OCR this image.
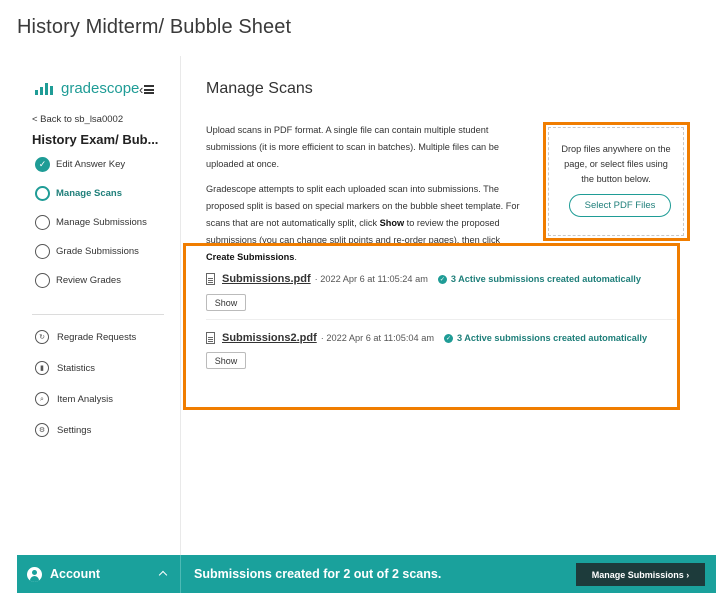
History Midterm/ Bubble Sheet
gradescope ‹
< Back to sb_lsa0002
History Exam/ Bub...
✓	Edit Answer Key
Manage Scans
Manage Submissions
Grade Submissions
Review Grades
↻	Regrade Requests
▮	Statistics
⌕	Item Analysis
⚙	Settings
Manage Scans
Upload scans in PDF format. A single file can contain multiple student submissions (it is more efficient to scan in batches). Multiple files can be uploaded at once.
Gradescope attempts to split each uploaded scan into submissions. The proposed split is based on special markers on the bubble sheet template. For scans that are not automatically split, click Show to review the proposed submissions (you can change split points and re-order pages), then click Create Submissions.
Drop files anywhere on the page, or select files using the button below.
Select PDF Files
Submissions.pdf · 2022 Apr 6 at 11:05:24 am	✓ 3 Active submissions created automatically
Show
Submissions2.pdf · 2022 Apr 6 at 11:05:04 am	✓ 3 Active submissions created automatically
Show
Account	Submissions created for 2 out of 2 scans.	Manage Submissions ›
